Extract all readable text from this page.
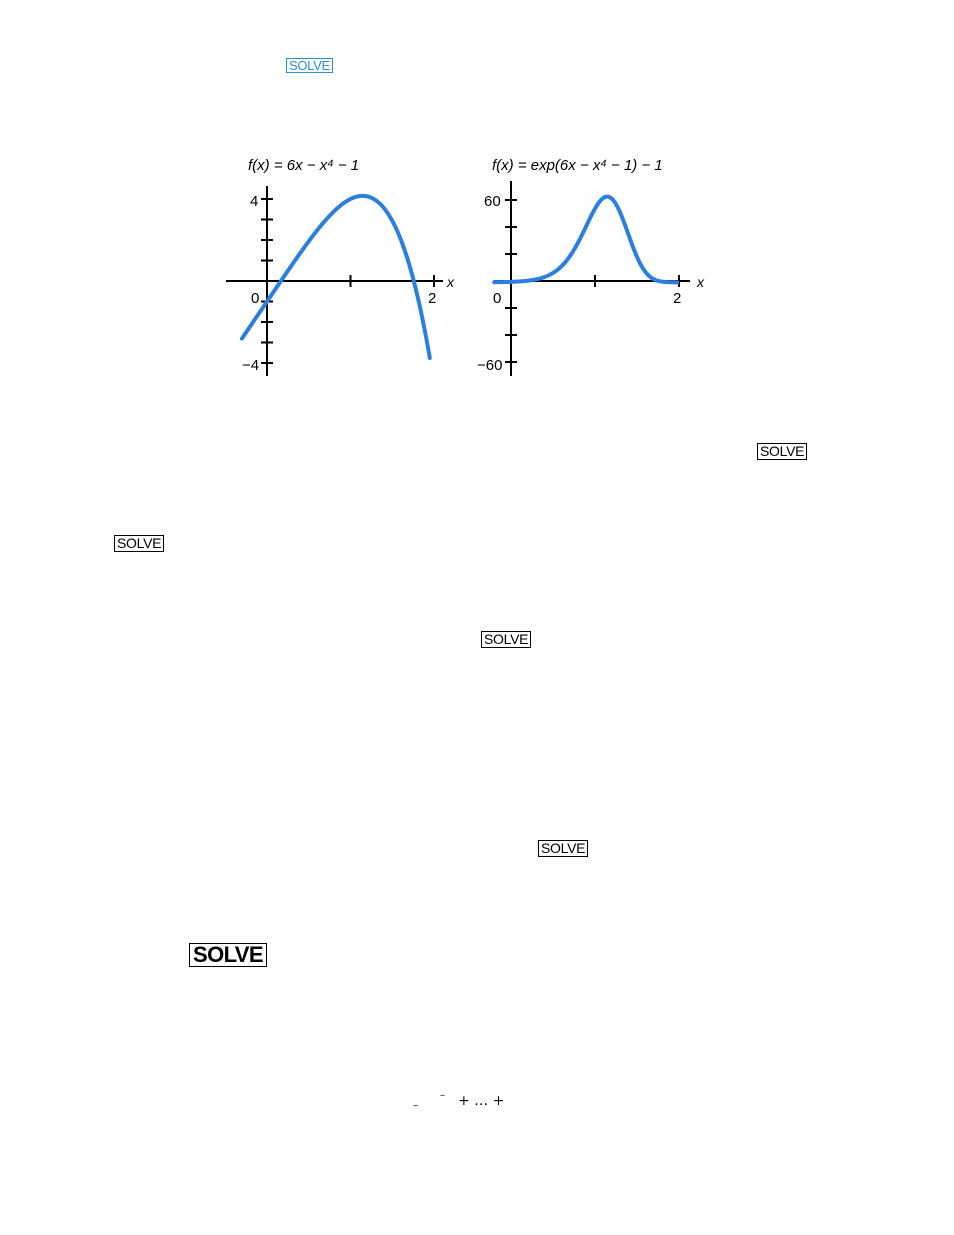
SOLVE
f(x) = 6x − x⁴ − 1
x
4
0	2
−4
f(x) = exp(6x − x⁴ − 1) − 1
x
60
0	2
−60
SOLVE
SOLVE
SOLVE
SOLVE
SOLVE
–
– + … +
